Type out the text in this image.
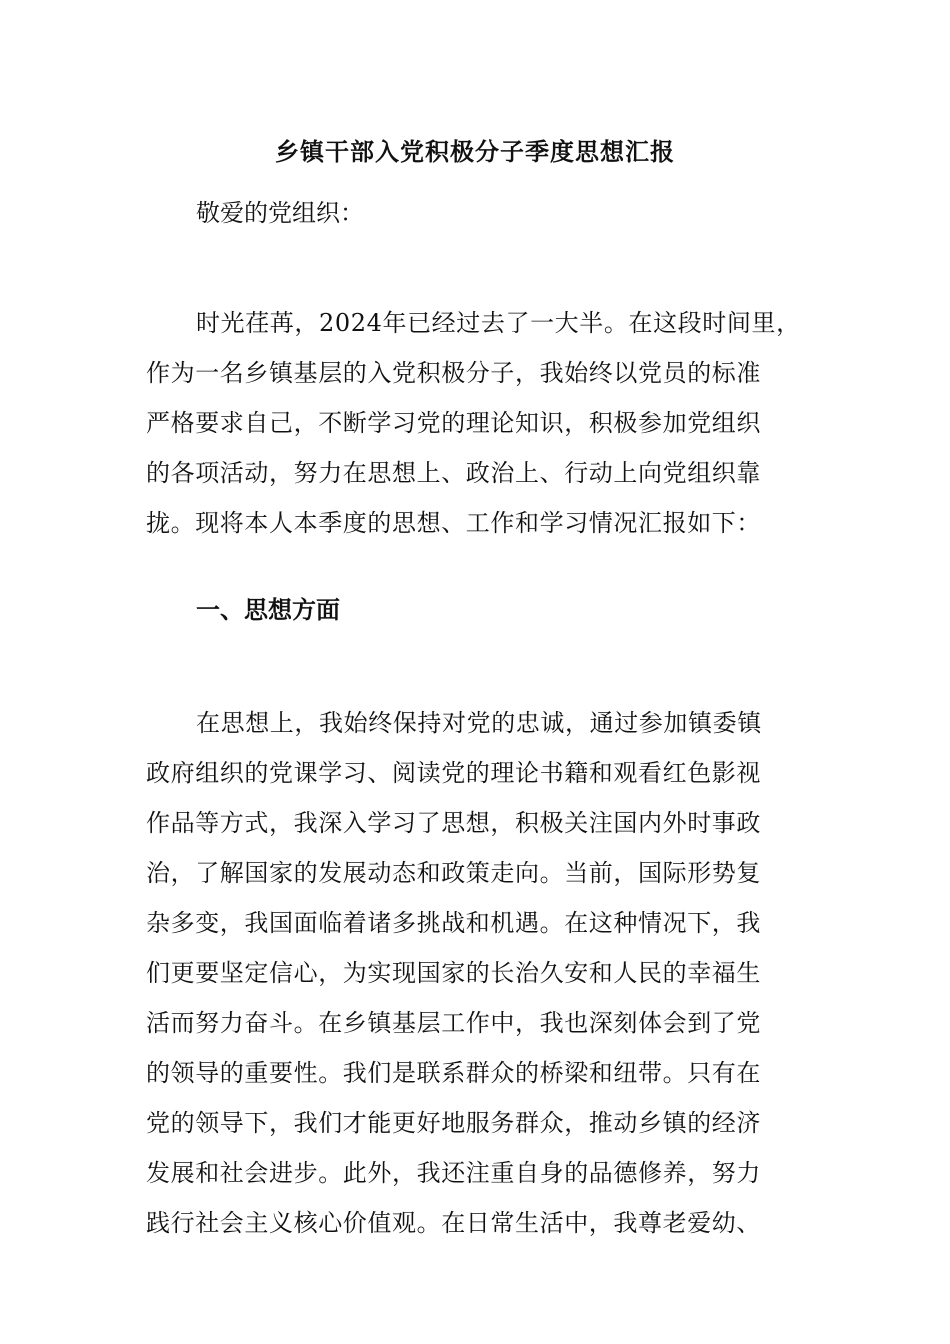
乡镇干部入党积极分子季度思想汇报
敬爱的党组织：
时光荏苒，2024年已经过去了一大半。在这段时间里，
作为一名乡镇基层的入党积极分子，我始终以党员的标准
严格要求自己，不断学习党的理论知识，积极参加党组织
的各项活动，努力在思想上、政治上、行动上向党组织靠
拢。现将本人本季度的思想、工作和学习情况汇报如下：
一、思想方面
在思想上，我始终保持对党的忠诚，通过参加镇委镇
政府组织的党课学习、阅读党的理论书籍和观看红色影视
作品等方式，我深入学习了思想，积极关注国内外时事政
治，了解国家的发展动态和政策走向。当前，国际形势复
杂多变，我国面临着诸多挑战和机遇。在这种情况下，我
们更要坚定信心，为实现国家的长治久安和人民的幸福生
活而努力奋斗。在乡镇基层工作中，我也深刻体会到了党
的领导的重要性。我们是联系群众的桥梁和纽带。只有在
党的领导下，我们才能更好地服务群众，推动乡镇的经济
发展和社会进步。此外，我还注重自身的品德修养，努力
践行社会主义核心价值观。在日常生活中，我尊老爱幼、
